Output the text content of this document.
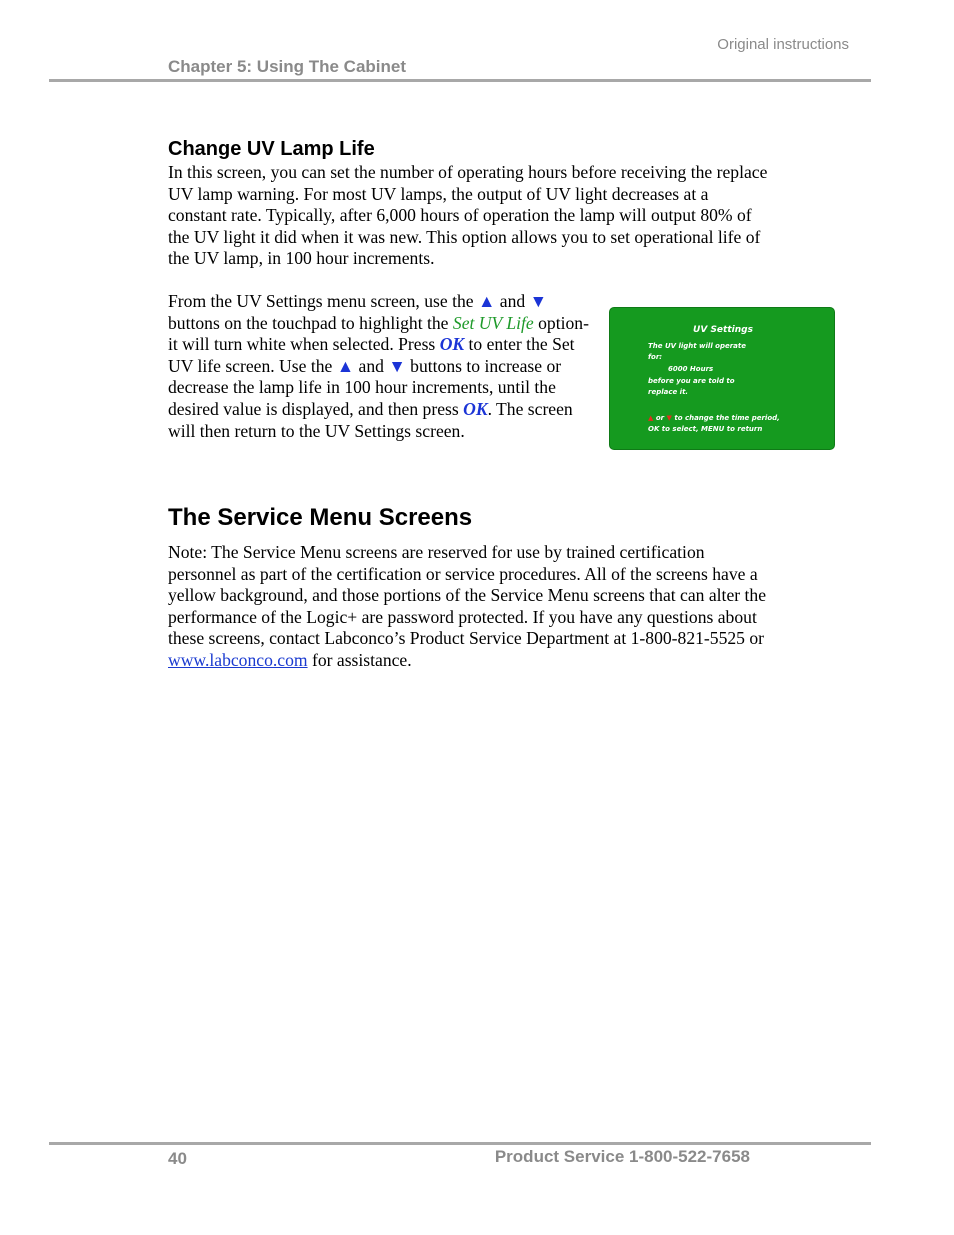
Original instructions
Chapter 5: Using The Cabinet
Change UV Lamp Life

In this screen, you can set the number of operating hours before receiving the replace UV lamp warning. For most UV lamps, the output of UV light decreases at a constant rate. Typically, after 6,000 hours of operation the lamp will output 80% of the UV light it did when it was new. This option allows you to set operational life of the UV lamp, in 100 hour increments.

From the UV Settings menu screen, use the ▲ and ▼ buttons on the touchpad to highlight the Set UV Life option-it will turn white when selected. Press OK to enter the Set UV life screen. Use the ▲ and ▼ buttons to increase or decrease the lamp life in 100 hour increments, until the desired value is displayed, and then press OK. The screen will then return to the UV Settings screen.

UV Settings
The UV light will operate
for:
6000 Hours
before you are told to
replace it.
▲ or ▼ to change the time period,
OK to select, MENU to return
The Service Menu Screens

Note: The Service Menu screens are reserved for use by trained certification personnel as part of the certification or service procedures. All of the screens have a yellow background, and those portions of the Service Menu screens that can alter the performance of the Logic+ are password protected. If you have any questions about these screens, contact Labconco’s Product Service Department at 1-800-821-5525 or www.labconco.com for assistance.

40	Product Service 1-800-522-7658
